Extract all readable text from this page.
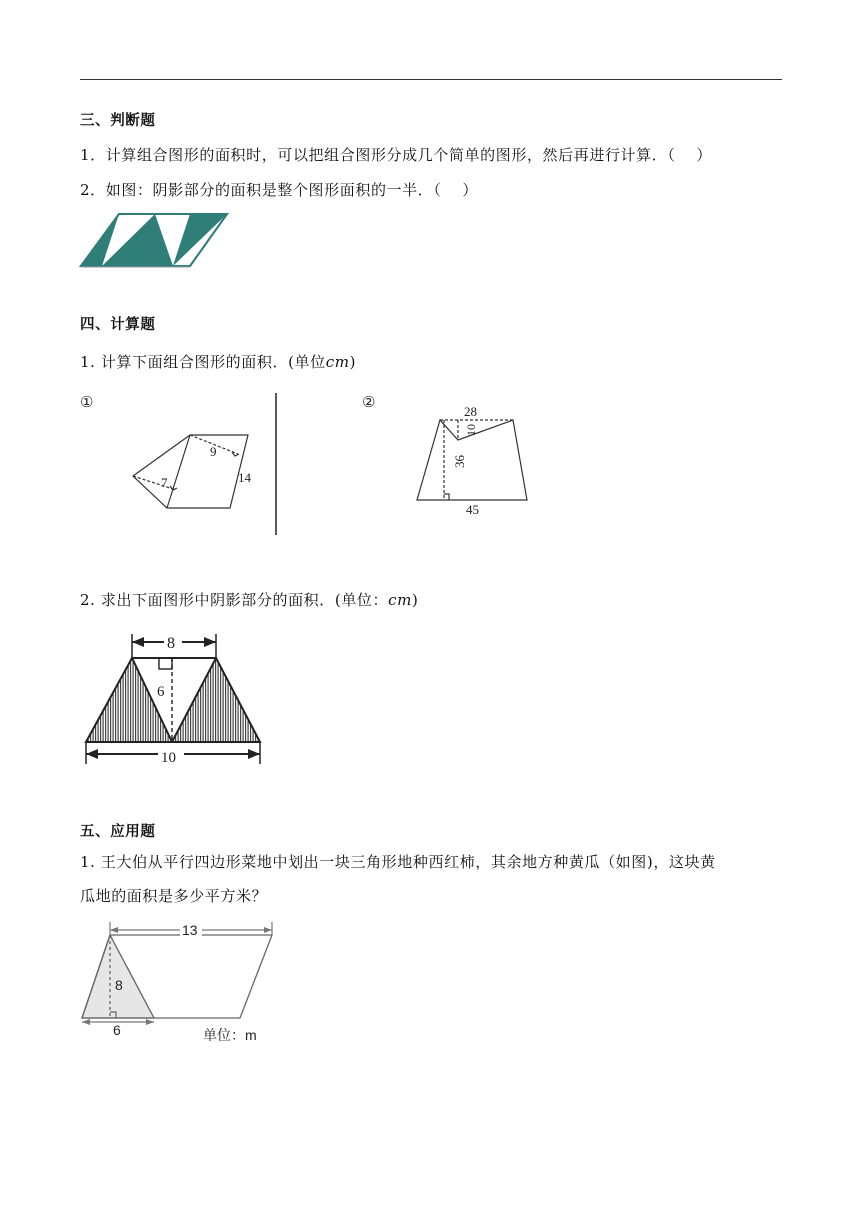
三、判断题
1．计算组合图形的面积时，可以把组合图形分成几个简单的图形，然后再进行计算．（　 ）
2．如图：阴影部分的面积是整个图形面积的一半．（　 ）
四、计算题
1. 计算下面组合图形的面积．(单位cm)
①
9
7	14
②
28
10
36
45
2. 求出下面图形中阴影部分的面积．(单位：cm)
8
6
10
五、应用题
1. 王大伯从平行四边形菜地中划出一块三角形地种西红柿，其余地方种黄瓜（如图)，这块黄
瓜地的面积是多少平方米？
13
8
6	单位：m
